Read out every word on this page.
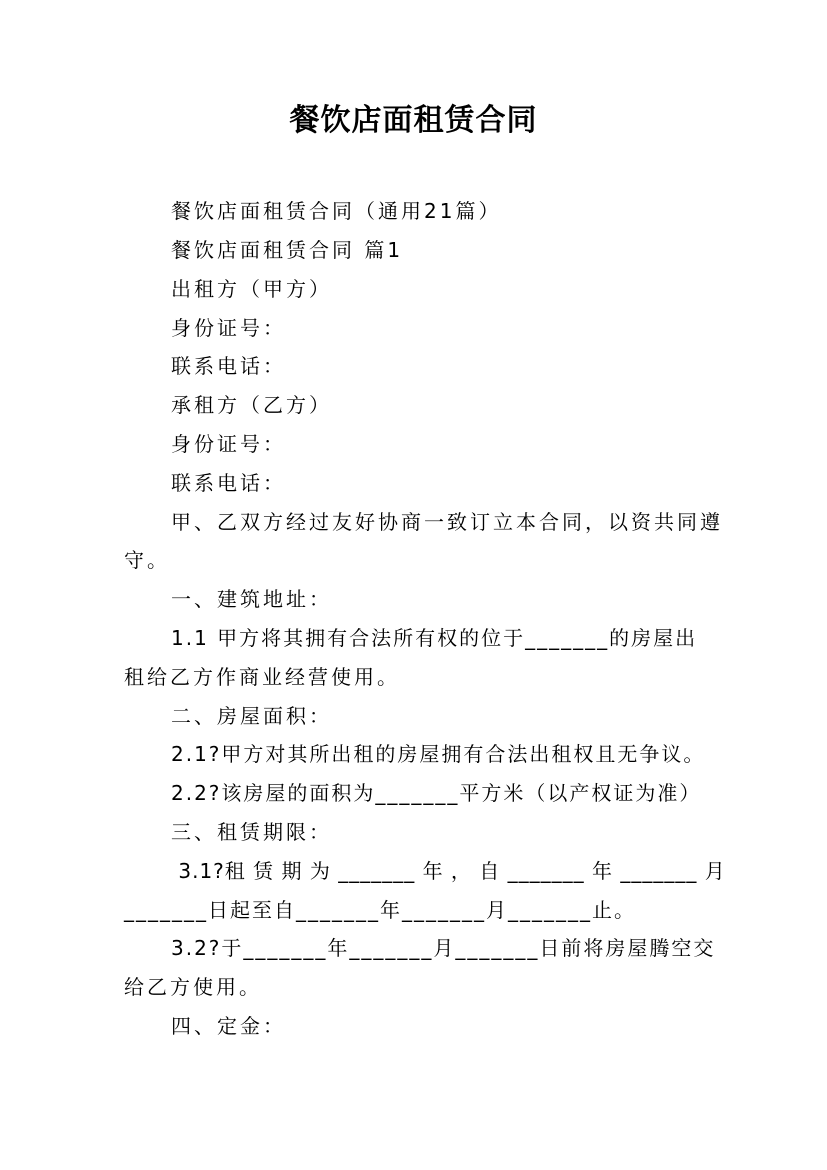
餐饮店面租赁合同
餐饮店面租赁合同（通用21篇）
餐饮店面租赁合同 篇1
出租方（甲方）
身份证号：
联系电话：
承租方（乙方）
身份证号：
联系电话：
甲、乙双方经过友好协商一致订立本合同，以资共同遵
守。
一、建筑地址：
1.1 甲方将其拥有合法所有权的位于_______的房屋出
租给乙方作商业经营使用。
二、房屋面积：
2.1?甲方对其所出租的房屋拥有合法出租权且无争议。
2.2?该房屋的面积为_______平方米（以产权证为准）
三、租赁期限：
3.1?租 赁 期 为 _______ 年 ， 自 _______ 年 _______ 月
_______日起至自_______年_______月_______止。
3.2?于_______年_______月_______日前将房屋腾空交
给乙方使用。
四、定金：
